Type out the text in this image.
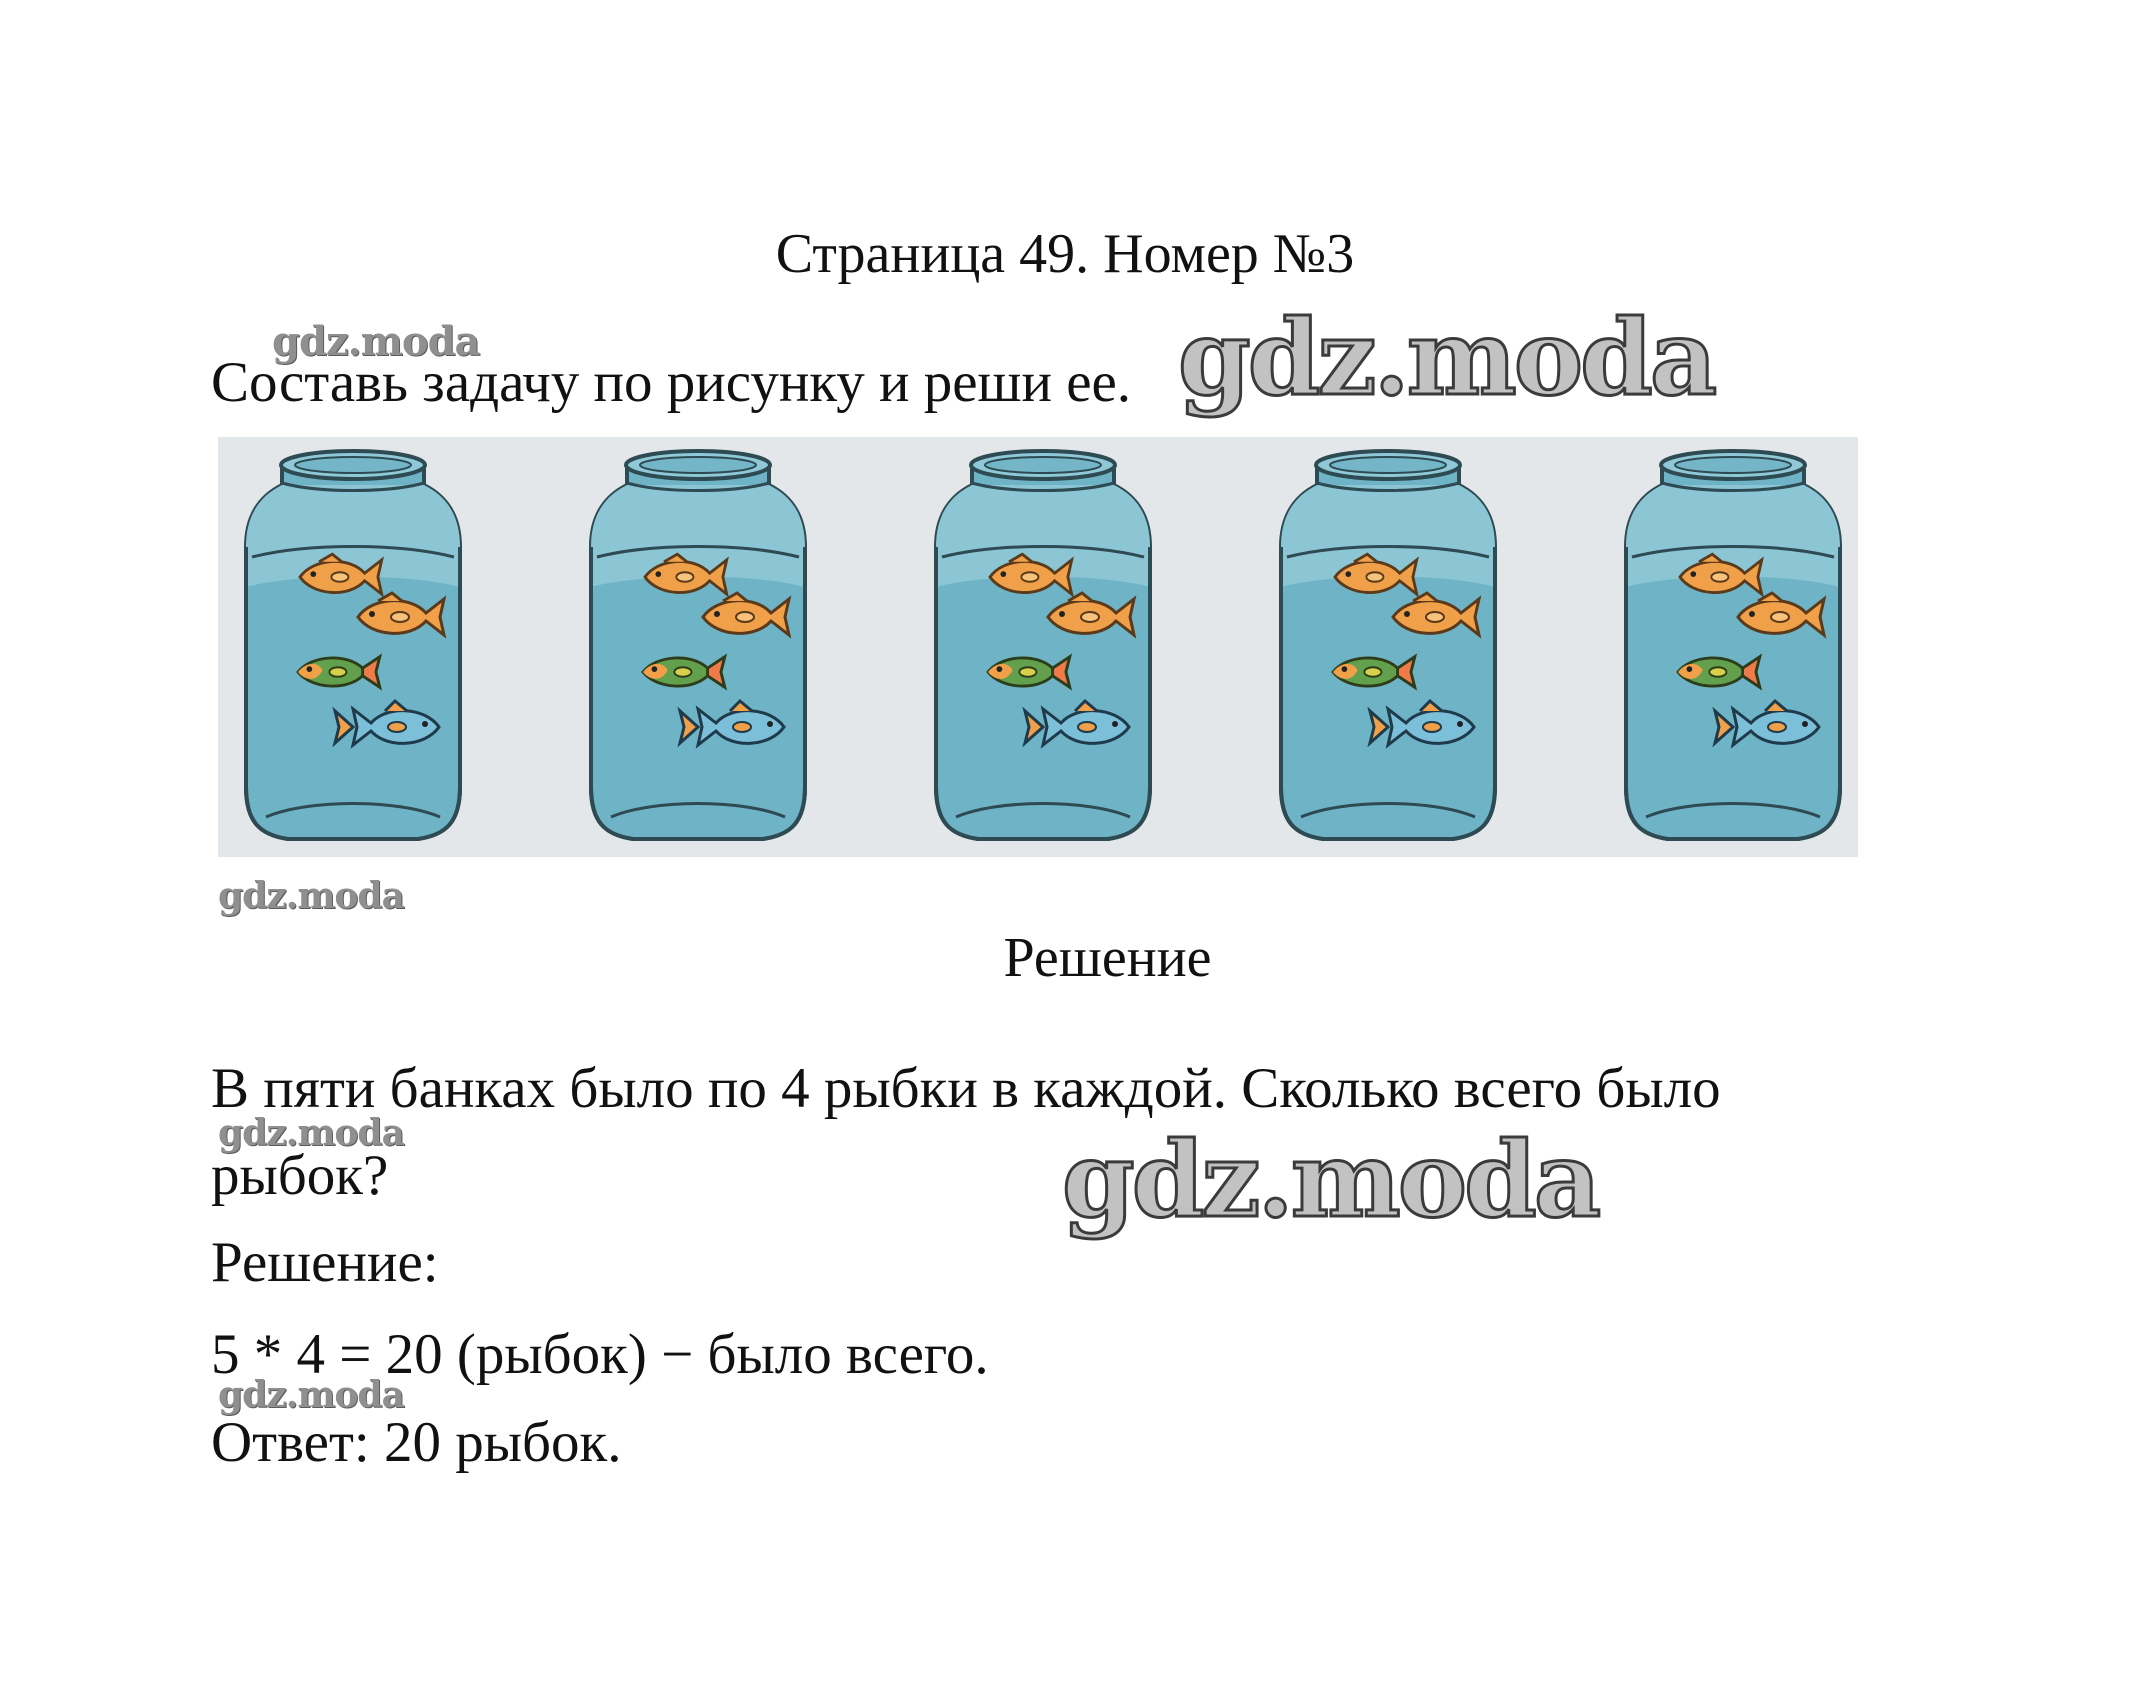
Страница 49. Номер №3
gdz.moda
Составь задачу по рисунку и реши ее. gdz.moda
gdz.moda
Решение
В пяти банках было по 4 рыбки в каждой. Сколько всего было
gdz.moda
рыбок?	gdz.moda
Решение:
5 * 4 = 20 (рыбок) − было всего.
gdz.moda
Ответ: 20 рыбок.
